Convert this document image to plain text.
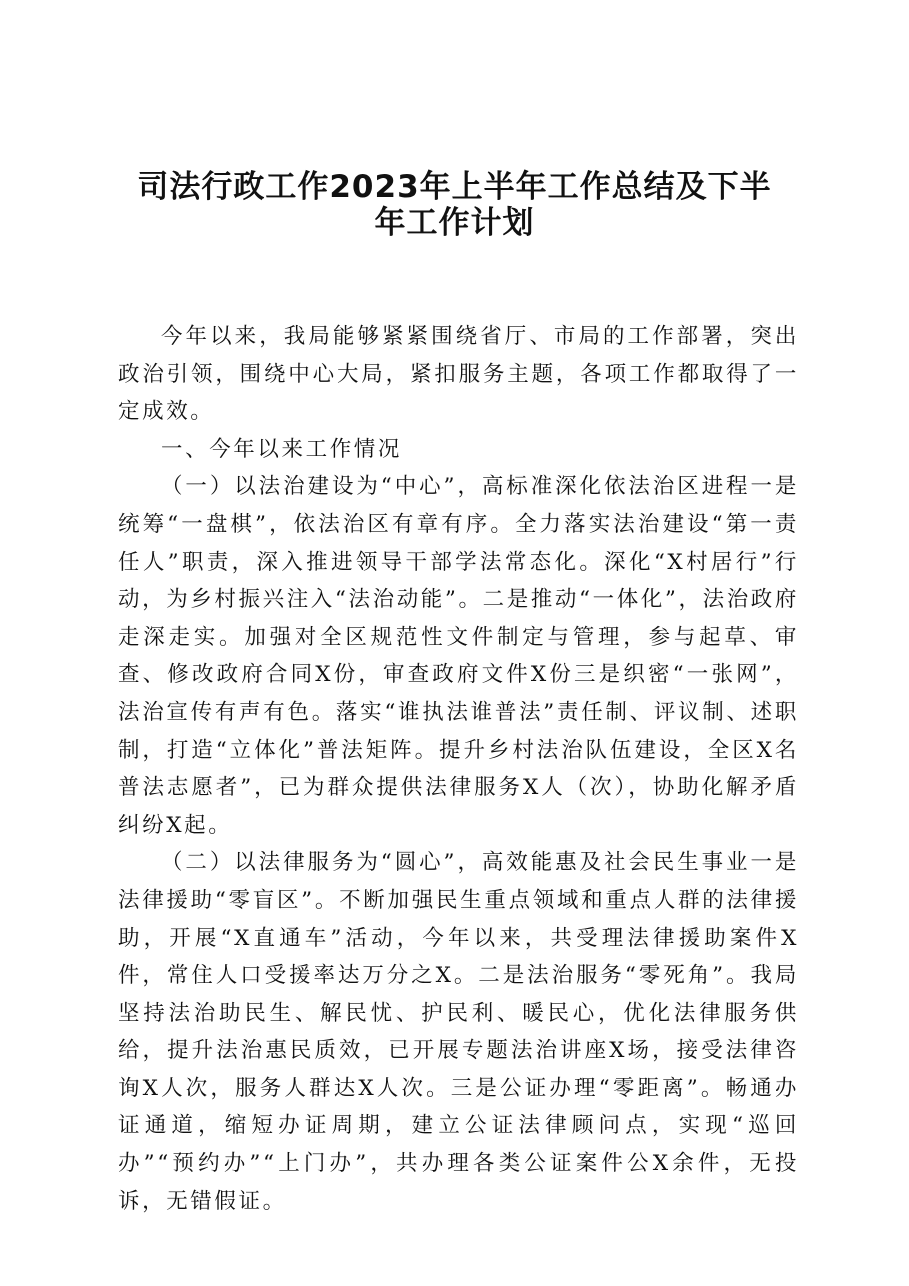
司法行政工作2023年上半年工作总结及下半
年工作计划

今年以来，我局能够紧紧围绕省厅、市局的工作部署，突出政治引领，围绕中心大局，紧扣服务主题，各项工作都取得了一定成效。

一、今年以来工作情况

（一）以法治建设为“中心”，高标准深化依法治区进程一是统筹“一盘棋”，依法治区有章有序。全力落实法治建设“第一责任人”职责，深入推进领导干部学法常态化。深化“X村居行”行动，为乡村振兴注入“法治动能”。二是推动“一体化”，法治政府走深走实。加强对全区规范性文件制定与管理，参与起草、审查、修改政府合同X份，审查政府文件X份三是织密“一张网”，法治宣传有声有色。落实“谁执法谁普法”责任制、评议制、述职制，打造“立体化”普法矩阵。提升乡村法治队伍建设，全区X名普法志愿者”，已为群众提供法律服务X人（次），协助化解矛盾纠纷X起。

（二）以法律服务为“圆心”，高效能惠及社会民生事业一是法律援助“零盲区”。不断加强民生重点领域和重点人群的法律援助，开展“X直通车”活动，今年以来，共受理法律援助案件X件，常住人口受援率达万分之X。二是法治服务“零死角”。我局坚持法治助民生、解民忧、护民利、暖民心，优化法律服务供给，提升法治惠民质效，已开展专题法治讲座X场，接受法律咨询X人次，服务人群达X人次。三是公证办理“零距离”。畅通办证通道，缩短办证周期，建立公证法律顾问点，实现“巡回办”“预约办”“上门办”，共办理各类公证案件公X余件，无投诉，无错假证。
